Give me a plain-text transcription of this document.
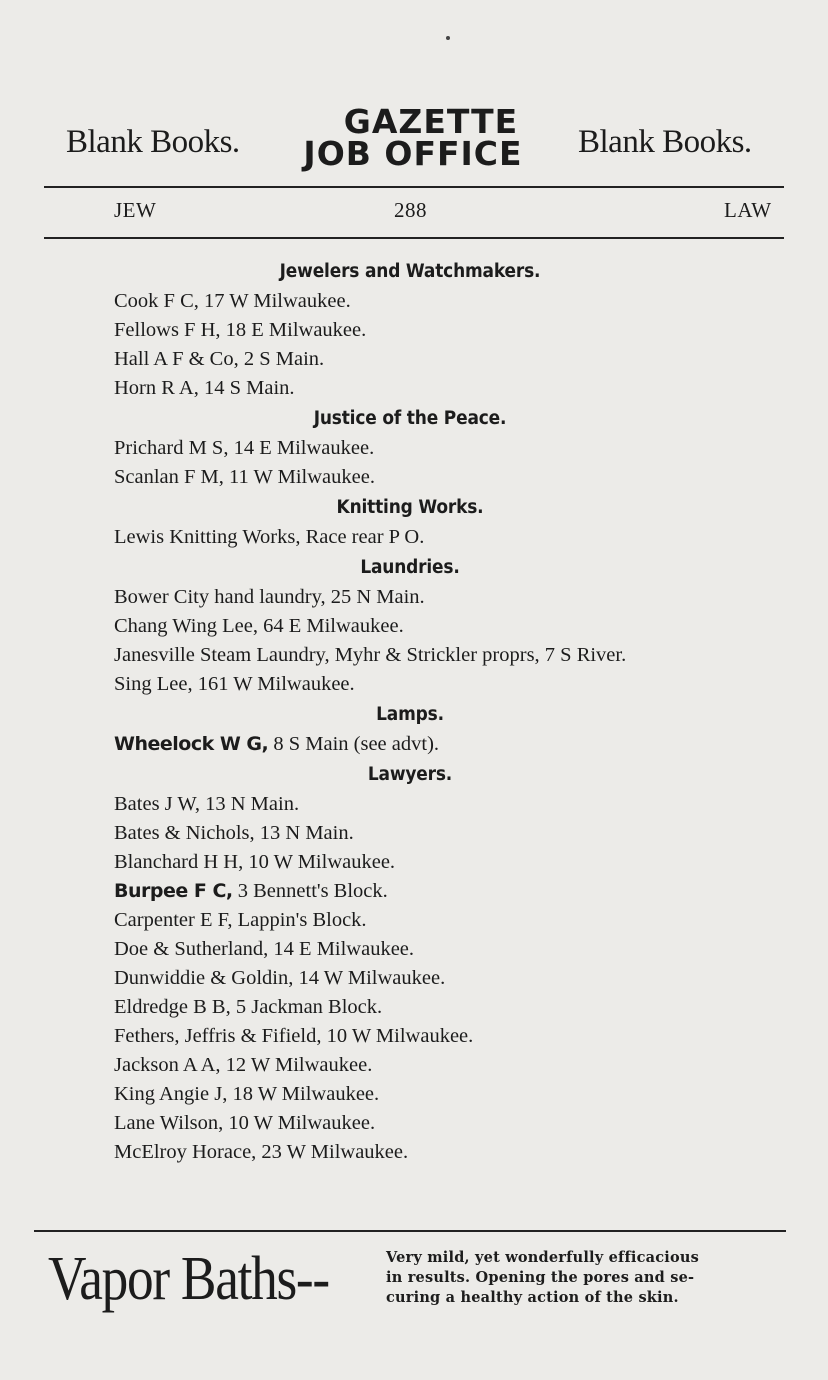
Blank Books.
GAZETTE
JOB OFFICE	Blank Books.
JEW	288	LAW
Jewelers and Watchmakers.
Cook F C, 17 W Milwaukee.
Fellows F H, 18 E Milwaukee.
Hall A F & Co, 2 S Main.
Horn R A, 14 S Main.
Justice of the Peace.
Prichard M S, 14 E Milwaukee.
Scanlan F M, 11 W Milwaukee.
Knitting Works.
Lewis Knitting Works, Race rear P O.
Laundries.
Bower City hand laundry, 25 N Main.
Chang Wing Lee, 64 E Milwaukee.
Janesville Steam Laundry, Myhr & Strickler proprs, 7 S River.
Sing Lee, 161 W Milwaukee.
Lamps.
Wheelock W G, 8 S Main (see advt).
Lawyers.
Bates J W, 13 N Main.
Bates & Nichols, 13 N Main.
Blanchard H H, 10 W Milwaukee.
Burpee F C, 3 Bennett's Block.
Carpenter E F, Lappin's Block.
Doe & Sutherland, 14 E Milwaukee.
Dunwiddie & Goldin, 14 W Milwaukee.
Eldredge B B, 5 Jackman Block.
Fethers, Jeffris & Fifield, 10 W Milwaukee.
Jackson A A, 12 W Milwaukee.
King Angie J, 18 W Milwaukee.
Lane Wilson, 10 W Milwaukee.
McElroy Horace, 23 W Milwaukee.
Vapor Baths--	Very mild, yet wonderfully efficacious
in results. Opening the pores and se-
curing a healthy action of the skin.
